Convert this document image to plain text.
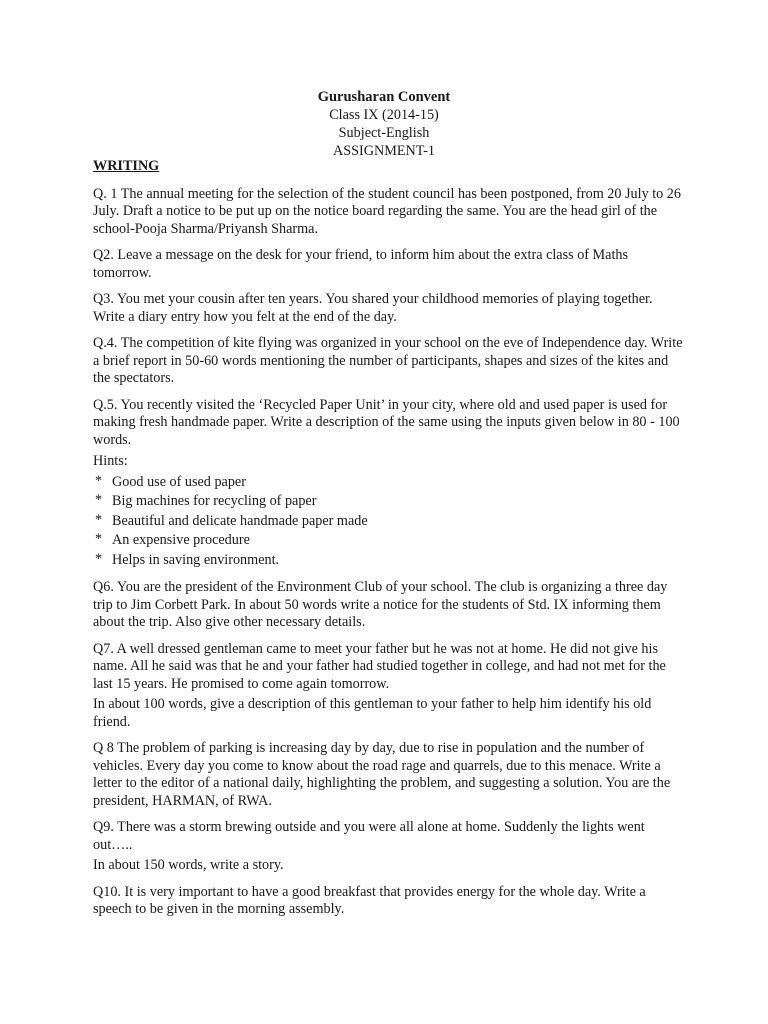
Gurusharan Convent
Class IX (2014-15)
Subject-English
ASSIGNMENT-1
WRITING

Q. 1 The annual meeting for the selection of the student council has been postponed, from 20 July to 26 July. Draft a notice to be put up on the notice board regarding the same. You are the head girl of the school-Pooja Sharma/Priyansh Sharma.

Q2. Leave a message on the desk for your friend, to inform him about the extra class of Maths tomorrow.

Q3. You met your cousin after ten years. You shared your childhood memories of playing together. Write a diary entry how you felt at the end of the day.

Q.4. The competition of kite flying was organized in your school on the eve of Independence day. Write a brief report in 50-60 words mentioning the number of participants, shapes and sizes of the kites and the spectators.

Q.5. You recently visited the ‘Recycled Paper Unit’ in your city, where old and used paper is used for making fresh handmade paper. Write a description of the same using the inputs given below in 80 - 100 words.

Hints:
* Good use of used paper
* Big machines for recycling of paper
* Beautiful and delicate handmade paper made
* An expensive procedure
* Helps in saving environment.

Q6. You are the president of the Environment Club of your school. The club is organizing a three day trip to Jim Corbett Park. In about 50 words write a notice for the students of Std. IX informing them about the trip. Also give other necessary details.

Q7. A well dressed gentleman came to meet your father but he was not at home. He did not give his name. All he said was that he and your father had studied together in college, and had not met for the last 15 years. He promised to come again tomorrow.
In about 100 words, give a description of this gentleman to your father to help him identify his old friend.

Q 8 The problem of parking is increasing day by day, due to rise in population and the number of vehicles. Every day you come to know about the road rage and quarrels, due to this menace. Write a letter to the editor of a national daily, highlighting the problem, and suggesting a solution. You are the president, HARMAN, of RWA.

Q9. There was a storm brewing outside and you were all alone at home. Suddenly the lights went out…..
In about 150 words, write a story.

Q10. It is very important to have a good breakfast that provides energy for the whole day. Write a speech to be given in the morning assembly.
